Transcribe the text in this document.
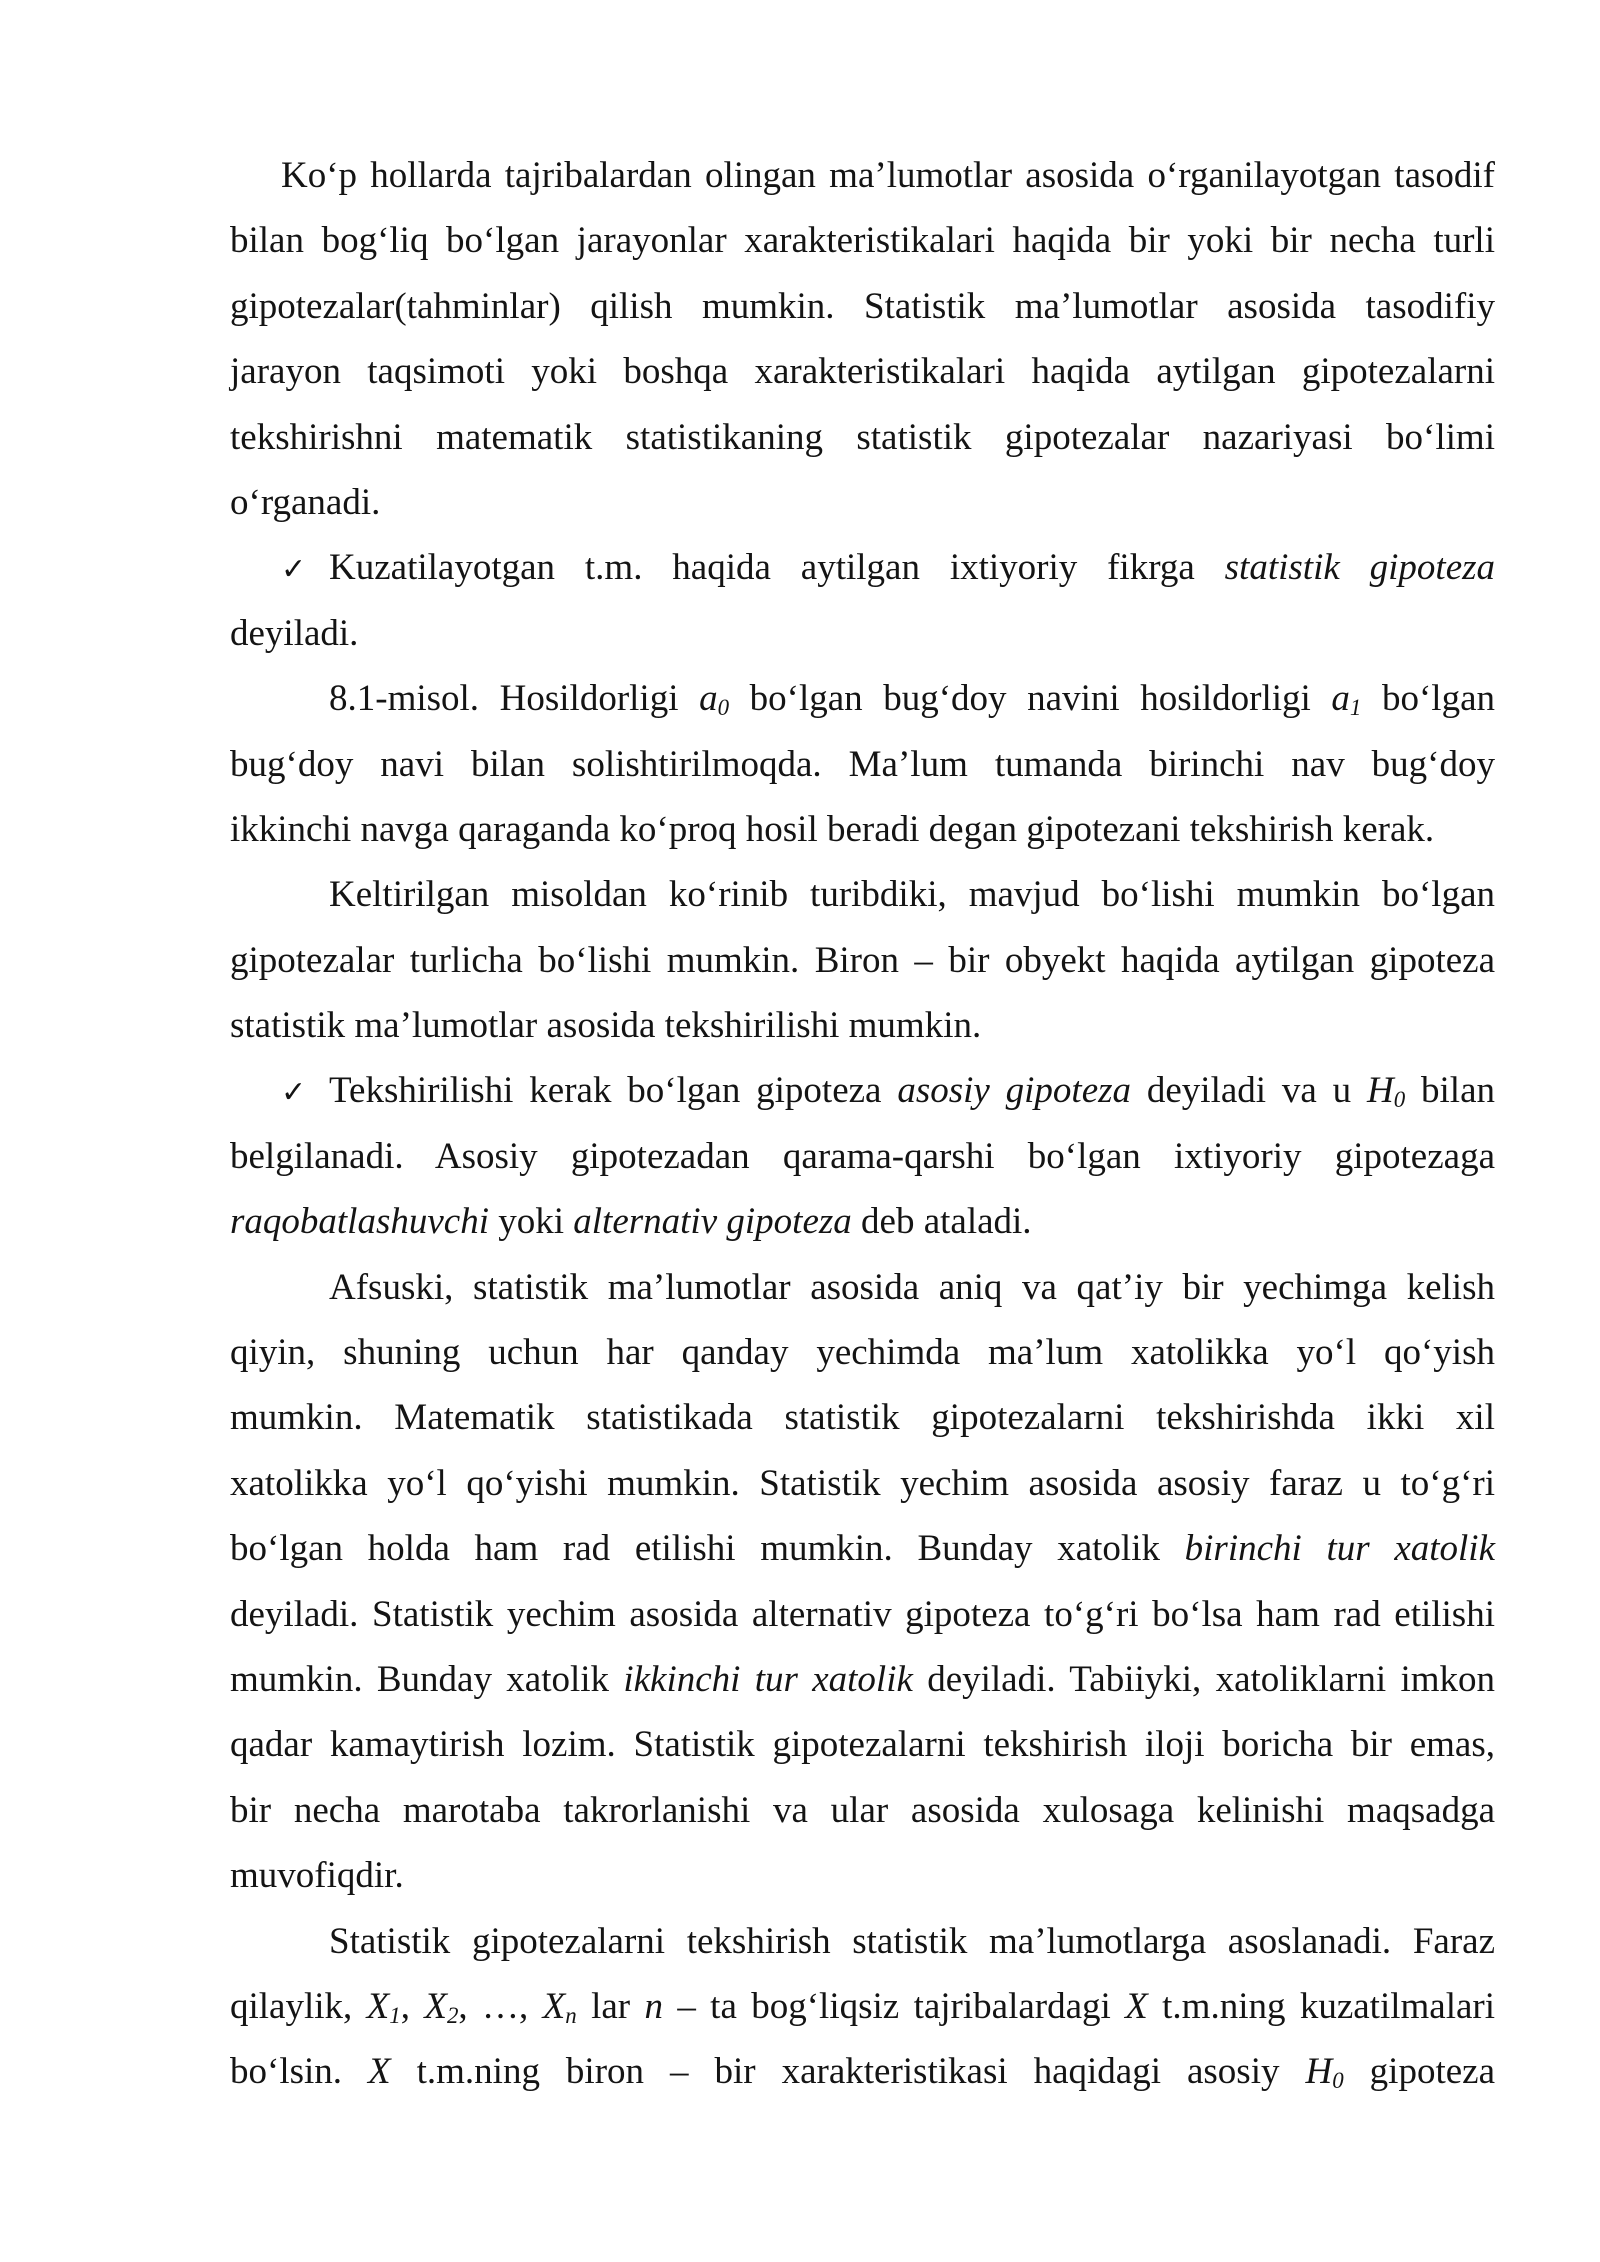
Ko‘p hollarda tajribalardan olingan ma’lumotlar asosida o‘rganilayotgan tasodif
bilan bog‘liq bo‘lgan jarayonlar xarakteristikalari haqida bir yoki bir necha turli
gipotezalar(tahminlar) qilish mumkin. Statistik ma’lumotlar asosida tasodifiy
jarayon taqsimoti yoki boshqa xarakteristikalari haqida aytilgan gipotezalarni
tekshirishni matematik statistikaning statistik gipotezalar nazariyasi bo‘limi
o‘rganadi.
✓
Kuzatilayotgan t.m. haqida aytilgan ixtiyoriy fikrga statistik gipoteza
deyiladi.
8.1-misol. Hosildorligi $a_0$ bo‘lgan bug‘doy navini hosildorligi $a_1$ bo‘lgan
bug‘doy navi bilan solishtirilmoqda. Ma’lum tumanda birinchi nav bug‘doy
ikkinchi navga qaraganda ko‘proq hosil beradi degan gipotezani tekshirish kerak.
Keltirilgan misoldan ko‘rinib turibdiki, mavjud bo‘lishi mumkin bo‘lgan
gipotezalar turlicha bo‘lishi mumkin. Biron – bir obyekt haqida aytilgan gipoteza
statistik ma’lumotlar asosida tekshirilishi mumkin.
✓
Tekshirilishi kerak bo‘lgan gipoteza asosiy gipoteza deyiladi va u $H_0$ bilan
belgilanadi. Asosiy gipotezadan qarama-qarshi bo‘lgan ixtiyoriy gipotezaga
raqobatlashuvchi yoki alternativ gipoteza deb ataladi.
Afsuski, statistik ma’lumotlar asosida aniq va qat’iy bir yechimga kelish
qiyin, shuning uchun har qanday yechimda ma’lum xatolikka yo‘l qo‘yish
mumkin. Matematik statistikada statistik gipotezalarni tekshirishda ikki xil
xatolikka yo‘l qo‘yishi mumkin. Statistik yechim asosida asosiy faraz u to‘g‘ri
bo‘lgan holda ham rad etilishi mumkin. Bunday xatolik birinchi tur xatolik
deyiladi. Statistik yechim asosida alternativ gipoteza to‘g‘ri bo‘lsa ham rad etilishi
mumkin. Bunday xatolik ikkinchi tur xatolik deyiladi. Tabiiyki, xatoliklarni imkon
qadar kamaytirish lozim. Statistik gipotezalarni tekshirish iloji boricha bir emas,
bir necha marotaba takrorlanishi va ular asosida xulosaga kelinishi maqsadga
muvofiqdir.
Statistik gipotezalarni tekshirish statistik ma’lumotlarga asoslanadi. Faraz
qilaylik, $X_1$, $X_2$, …, $X_n$ lar n – ta bog‘liqsiz tajribalardagi X t.m.ning kuzatilmalari
bo‘lsin. X t.m.ning biron – bir xarakteristikasi haqidagi asosiy $H_0$ gipoteza
